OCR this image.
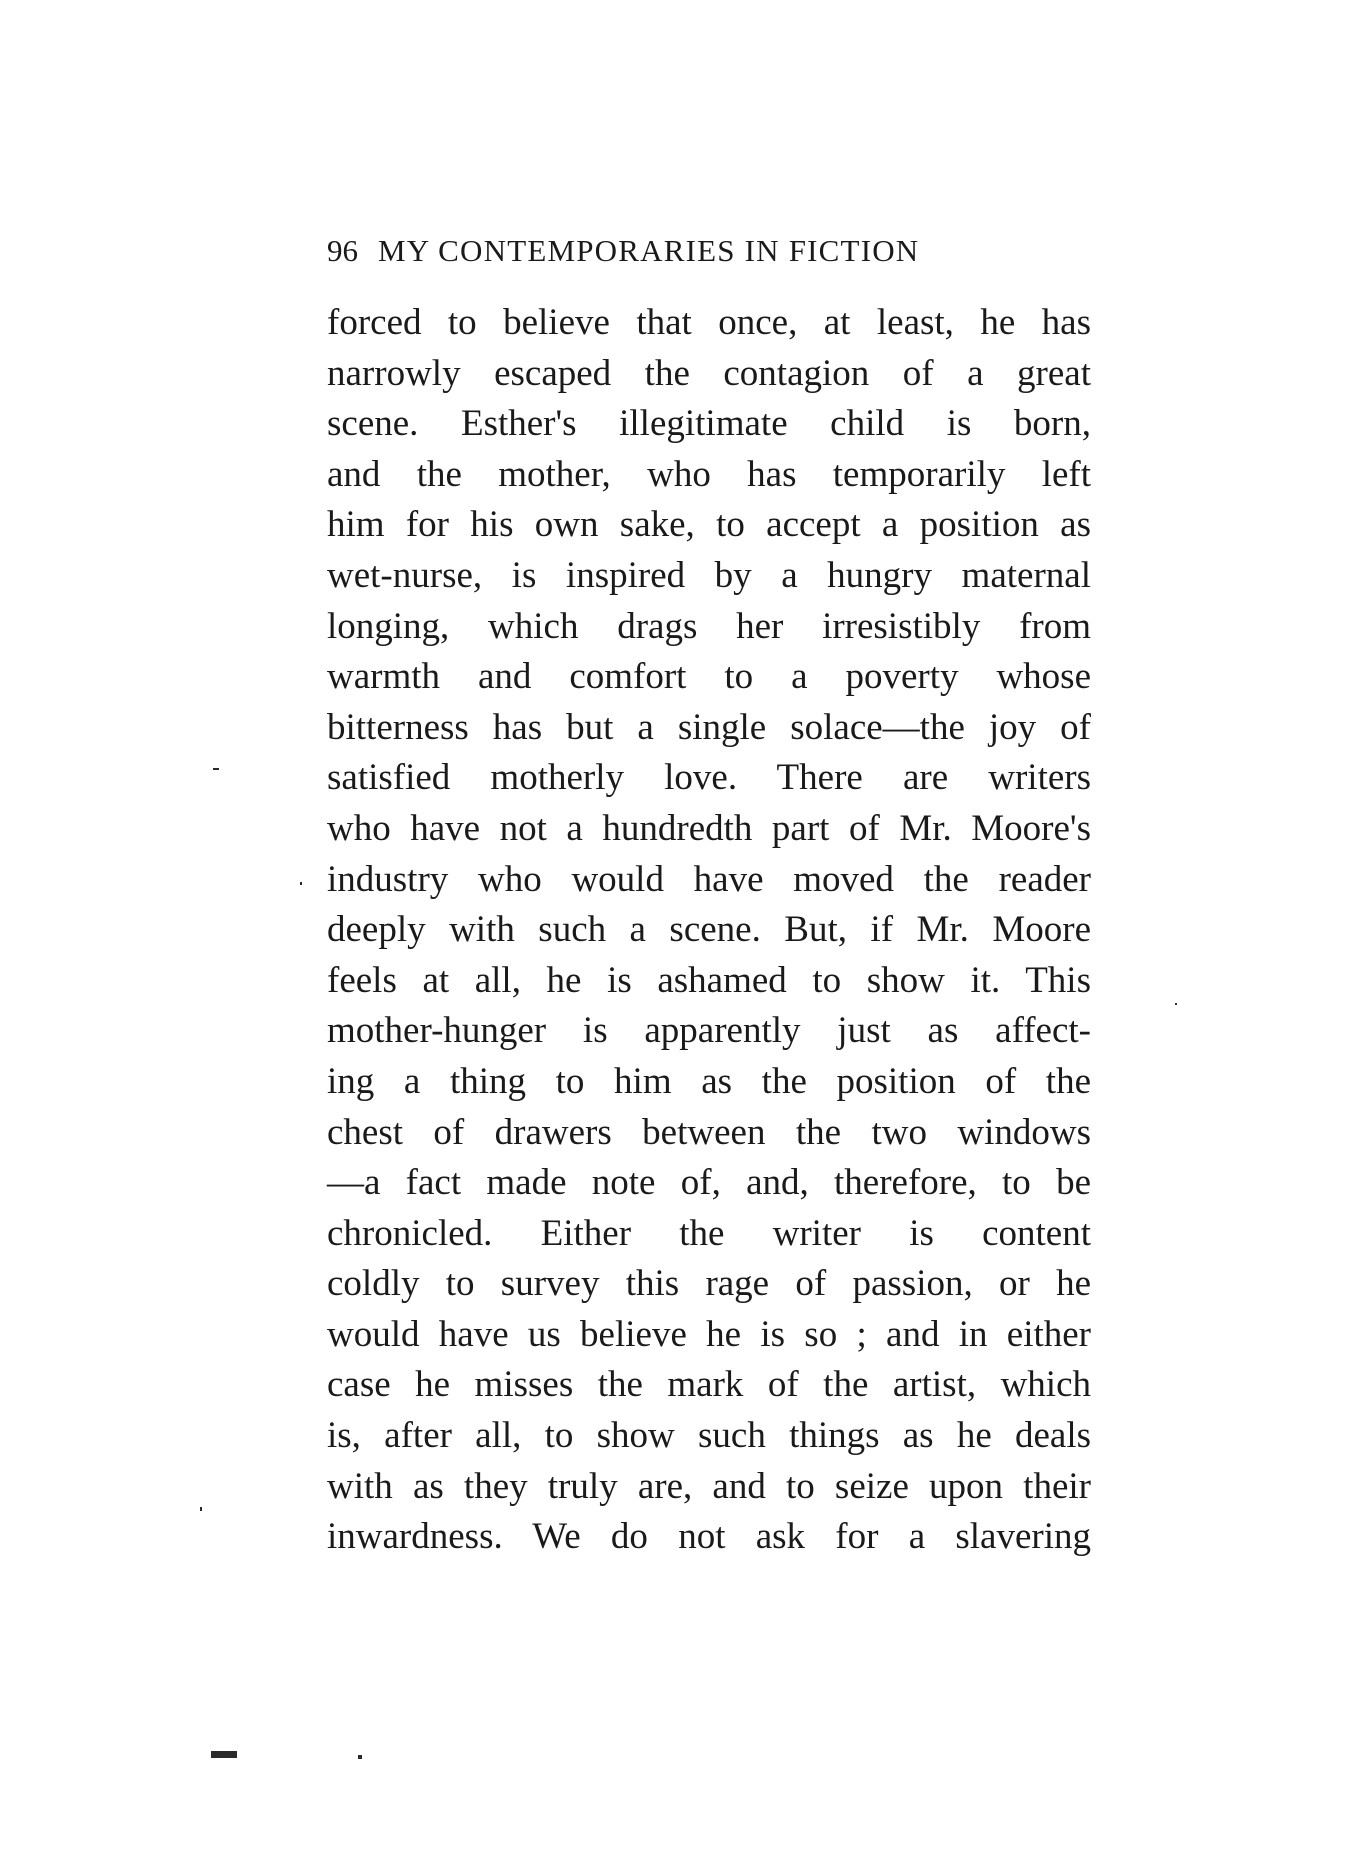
96 MY CONTEMPORARIES IN FICTION
forced to believe that once, at least, he has
narrowly escaped the contagion of a great
scene. Esther's illegitimate child is born,
and the mother, who has temporarily left
him for his own sake, to accept a position as
wet-nurse, is inspired by a hungry maternal
longing, which drags her irresistibly from
warmth and comfort to a poverty whose
bitterness has but a single solace—the joy of
satisfied motherly love. There are writers
who have not a hundredth part of Mr. Moore's
industry who would have moved the reader
deeply with such a scene. But, if Mr. Moore
feels at all, he is ashamed to show it. This
mother-hunger is apparently just as affect-
ing a thing to him as the position of the
chest of drawers between the two windows
—a fact made note of, and, therefore, to be
chronicled. Either the writer is content
coldly to survey this rage of passion, or he
would have us believe he is so ; and in either
case he misses the mark of the artist, which
is, after all, to show such things as he deals
with as they truly are, and to seize upon their
inwardness. We do not ask for a slavering
